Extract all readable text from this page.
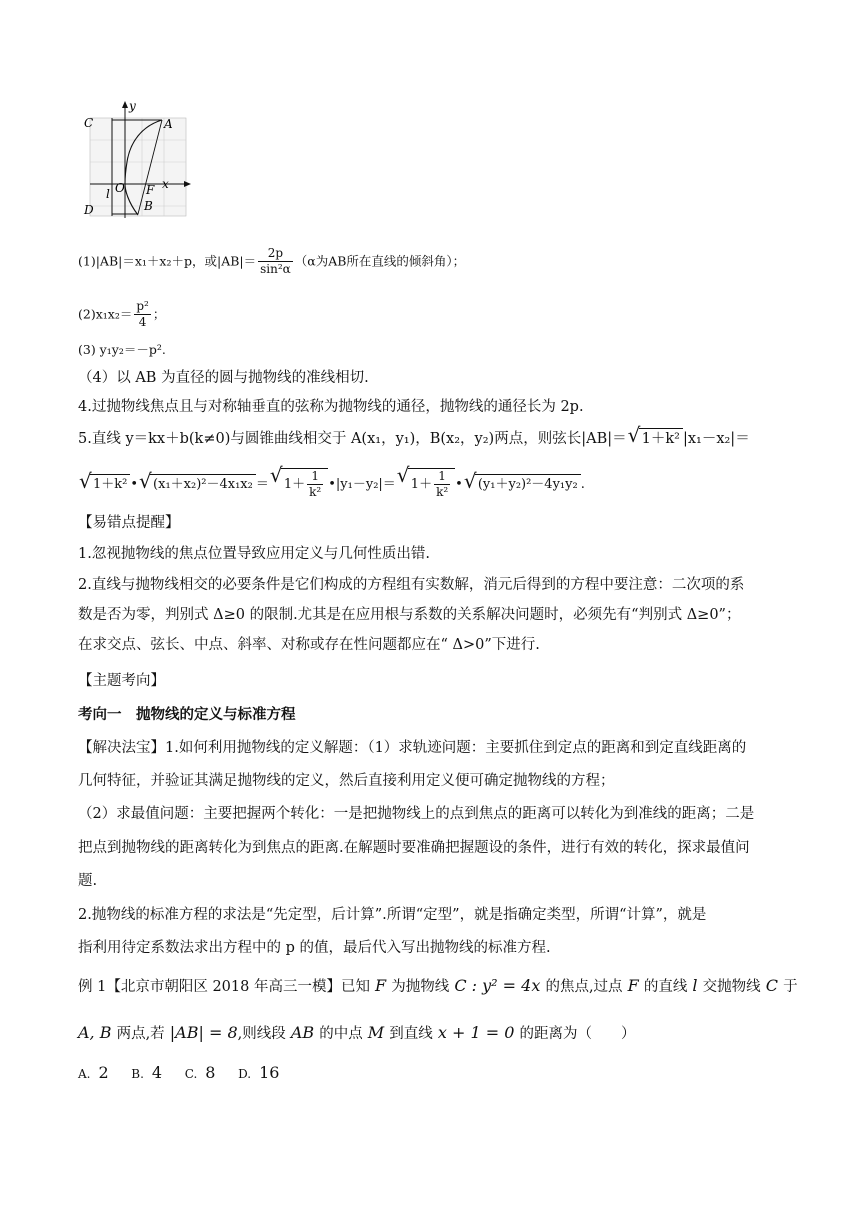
y
x
C	A
O F
l
D	B
(1)|AB|＝x₁＋x₂＋p，或$|AB|= \frac{2p}{\text{sin²α}} (\alpha$为AB所在直线的倾斜角）；
$(2)x_1x_2= \frac{\text{p²}}{4}$ ；
(3) y₁y₂＝－p².
（4）以 AB 为直径的圆与抛物线的准线相切.
4.过抛物线焦点且与对称轴垂直的弦称为抛物线的通径，抛物线的通径长为 2p.
5.直线 y＝kx＋b(k≠0)与圆锥曲线相交于 A(x₁，y₁)，B(x₂，y₂)两点，则弦长|AB|＝ √ 1＋k² |x₁－x₂|＝
√ 1＋k² • √ (x₁＋x₂)²－4x₁x₂ ＝ √ $1+ \frac{1}{\text{k²}}$ •|y₁－y₂|＝ √ $1+ \frac{1}{\text{k²}}$ • √ (y₁＋y₂)²－4y₁y₂ .
【易错点提醒】
1.忽视抛物线的焦点位置导致应用定义与几何性质出错.
2.直线与抛物线相交的必要条件是它们构成的方程组有实数解，消元后得到的方程中要注意：二次项的系
数是否为零，判别式 Δ≥0 的限制.尤其是在应用根与系数的关系解决问题时，必须先有“判别式 Δ≥0”；
在求交点、弦长、中点、斜率、对称或存在性问题都应在“ Δ>0”下进行.
【主题考向】
考向一　抛物线的定义与标准方程
【解决法宝】1.如何利用抛物线的定义解题：（1）求轨迹问题：主要抓住到定点的距离和到定直线距离的
几何特征，并验证其满足抛物线的定义，然后直接利用定义便可确定抛物线的方程；
（2）求最值问题：主要把握两个转化：一是把抛物线上的点到焦点的距离可以转化为到准线的距离；二是
把点到抛物线的距离转化为到焦点的距离.在解题时要准确把握题设的条件，进行有效的转化，探求最值问
题.
2.抛物线的标准方程的求法是“先定型，后计算”.所谓“定型”，就是指确定类型，所谓“计算”，就是
指利用待定系数法求出方程中的 p 的值，最后代入写出抛物线的标准方程.
例 1【北京市朝阳区 2018 年高三一模】已知 F 为抛物线 C : y² = 4x 的焦点,过点 F 的直线 l 交抛物线 C 于
A, B 两点,若 |AB| = 8,则线段 AB 的中点 M 到直线 x + 1 = 0 的距离为（　　）
A. 2 B. 4 C. 8 D. 16
